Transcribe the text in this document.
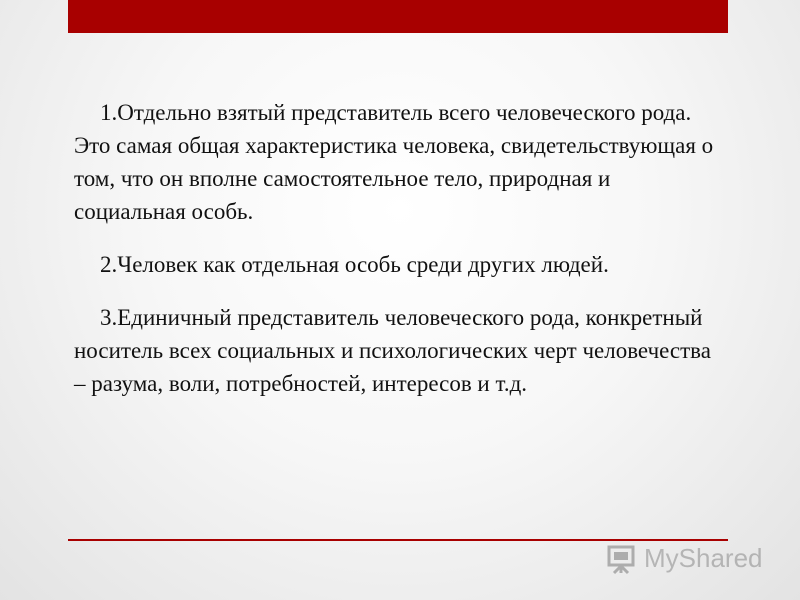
1.Отдельно взятый представитель всего человеческого рода. Это самая общая характеристика человека, свидетельствующая о том, что он вполне самостоятельное тело, природная и социальная особь.

2.Человек как отдельная особь среди других людей.

3.Единичный представитель человеческого рода, конкретный носитель всех социальных и психологических черт человечества – разума, воли, потребностей, интересов и т.д.

MyShared
